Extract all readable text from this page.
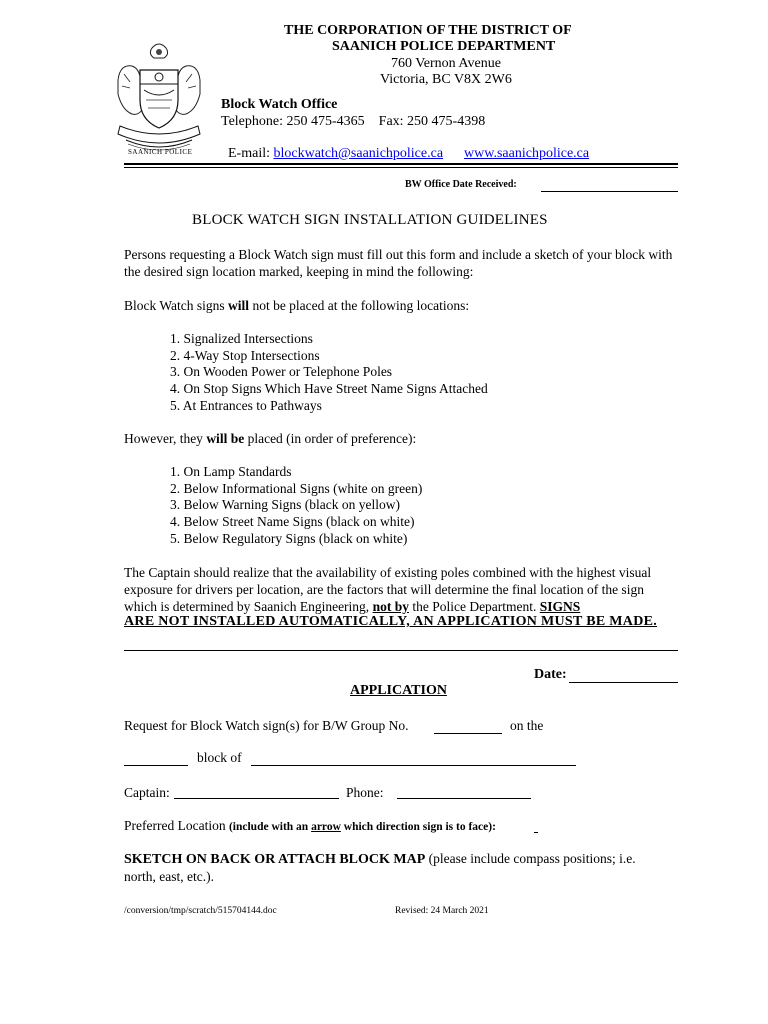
SAANICH POLICE
THE CORPORATION OF THE DISTRICT OF
SAANICH POLICE DEPARTMENT
760 Vernon Avenue
Victoria, BC V8X 2W6
Block Watch Office
Telephone: 250 475-4365    Fax: 250 475-4398

E-mail: blockwatch@saanichpolice.ca www.saanichpolice.ca

BW Office Date Received:
BLOCK WATCH SIGN INSTALLATION GUIDELINES
Persons requesting a Block Watch sign must fill out this form and include a sketch of your block with the desired sign location marked, keeping in mind the following:
Block Watch signs will not be placed at the following locations:
1. Signalized Intersections
2. 4-Way Stop Intersections
3. On Wooden Power or Telephone Poles
4. On Stop Signs Which Have Street Name Signs Attached
5. At Entrances to Pathways
However, they will be placed (in order of preference):
1. On Lamp Standards
2. Below Informational Signs (white on green)
3. Below Warning Signs (black on yellow)
4. Below Street Name Signs (black on white)
5. Below Regulatory Signs (black on white)
The Captain should realize that the availability of existing poles combined with the highest visual exposure for drivers per location, are the factors that will determine the final location of the sign which is determined by Saanich Engineering, not by the Police Department. SIGNS
ARE NOT INSTALLED AUTOMATICALLY, AN APPLICATION MUST BE MADE.
Date:
APPLICATION
Request for Block Watch sign(s) for B/W Group No.	on the
block of
Captain:	Phone:
Preferred Location (include with an arrow which direction sign is to face):
SKETCH ON BACK OR ATTACH BLOCK MAP (please include compass positions; i.e. north, east, etc.).
/conversion/tmp/scratch/515704144.doc	Revised: 24 March 2021
